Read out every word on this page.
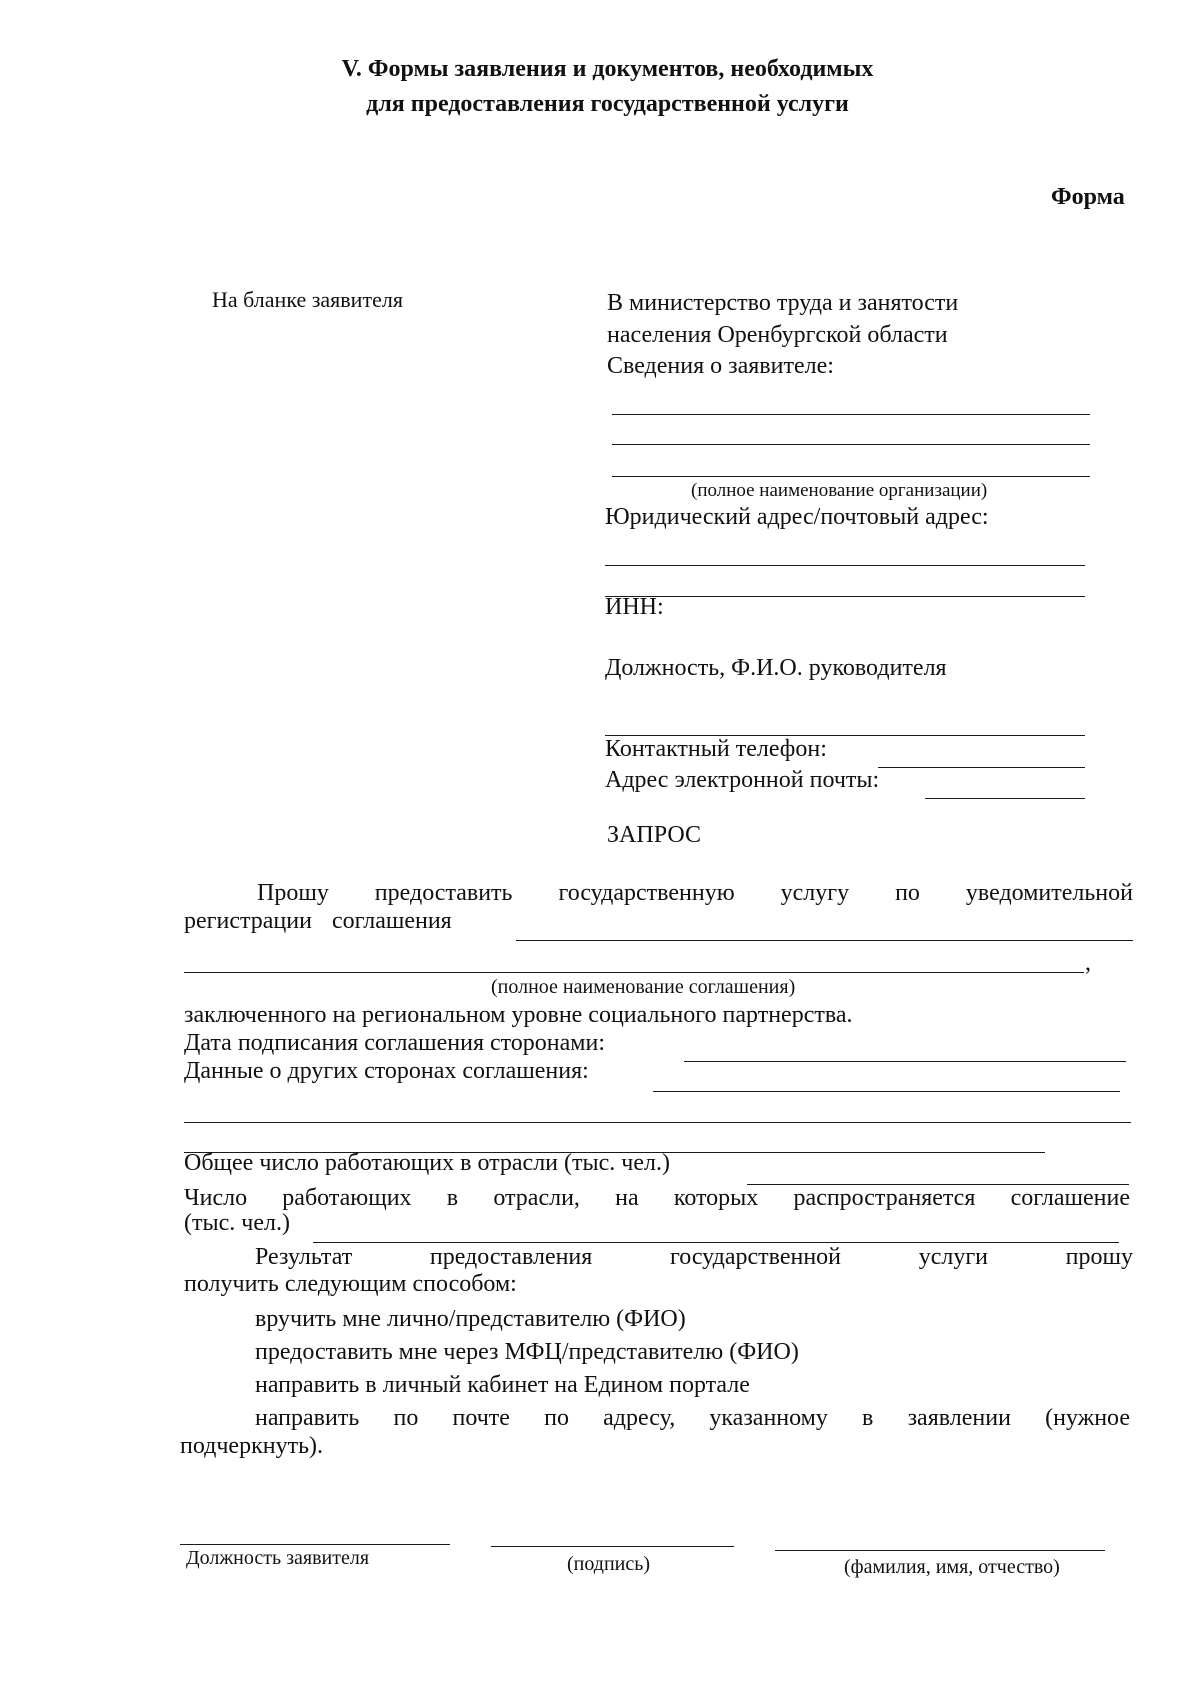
V. Формы заявления и документов, необходимых
для предоставления государственной услуги
Форма
На бланке заявителя	В министерство труда и занятости
населения Оренбургской области
Сведения о заявителе:
(полное наименование организации)
Юридический адрес/почтовый адрес:
ИНН:
Должность, Ф.И.О. руководителя
Контактный телефон:
Адрес электронной почты:
ЗАПРОС
Прошу предоставить государственную услугу по уведомительной
регистрации соглашения
,
(полное наименование соглашения)
заключенного на региональном уровне социального партнерства.
Дата подписания соглашения сторонами:
Данные о других сторонах соглашения:
Общее число работающих в отрасли (тыс. чел.)
Число работающих в отрасли, на которых распространяется соглашение
(тыс. чел.)
Результат предоставления государственной услуги прошу
получить следующим способом:
вручить мне лично/представителю (ФИО)
предоставить мне через МФЦ/представителю (ФИО)
направить в личный кабинет на Едином портале
направить по почте по адресу, указанному в заявлении (нужное
подчеркнуть).
Должность заявителя	(подпись)	(фамилия, имя, отчество)
